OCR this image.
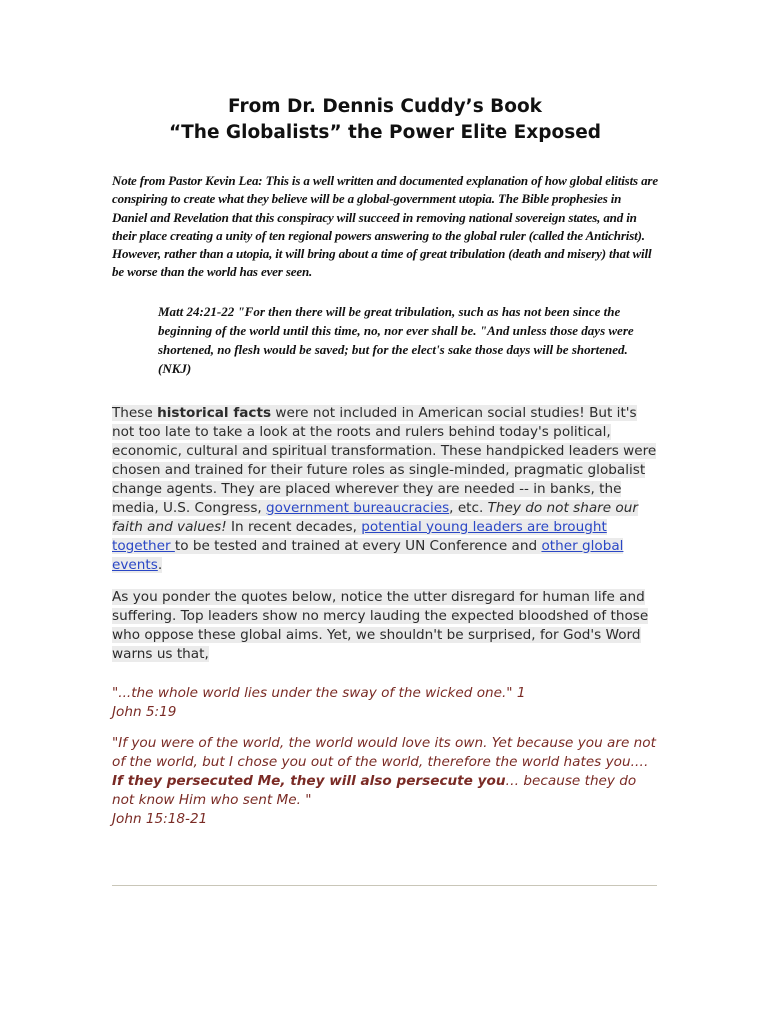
From Dr. Dennis Cuddy’s Book
“The Globalists” the Power Elite Exposed

Note from Pastor Kevin Lea: This is a well written and documented explanation of how global elitists are conspiring to create what they believe will be a global-government utopia. The Bible prophesies in Daniel and Revelation that this conspiracy will succeed in removing national sovereign states, and in their place creating a unity of ten regional powers answering to the global ruler (called the Antichrist). However, rather than a utopia, it will bring about a time of great tribulation (death and misery) that will be worse than the world has ever seen.

Matt 24:21-22 "For then there will be great tribulation, such as has not been since the beginning of the world until this time, no, nor ever shall be. "And unless those days were shortened, no flesh would be saved; but for the elect's sake those days will be shortened. (NKJ)

These historical facts were not included in American social studies! But it's not too late to take a look at the roots and rulers behind today's political, economic, cultural and spiritual transformation. These handpicked leaders were chosen and trained for their future roles as single-minded, pragmatic globalist change agents. They are placed wherever they are needed -- in banks, the media, U.S. Congress, government bureaucracies, etc. They do not share our faith and values! In recent decades, potential young leaders are brought together to be tested and trained at every UN Conference and other global events.

As you ponder the quotes below, notice the utter disregard for human life and suffering. Top leaders show no mercy lauding the expected bloodshed of those who oppose these global aims. Yet, we shouldn't be surprised, for God's Word warns us that,

"...the whole world lies under the sway of the wicked one." 1
John 5:19

"If you were of the world, the world would love its own. Yet because you are not of the world, but I chose you out of the world, therefore the world hates you.… If they persecuted Me, they will also persecute you… because they do not know Him who sent Me. "
John 15:18-21
